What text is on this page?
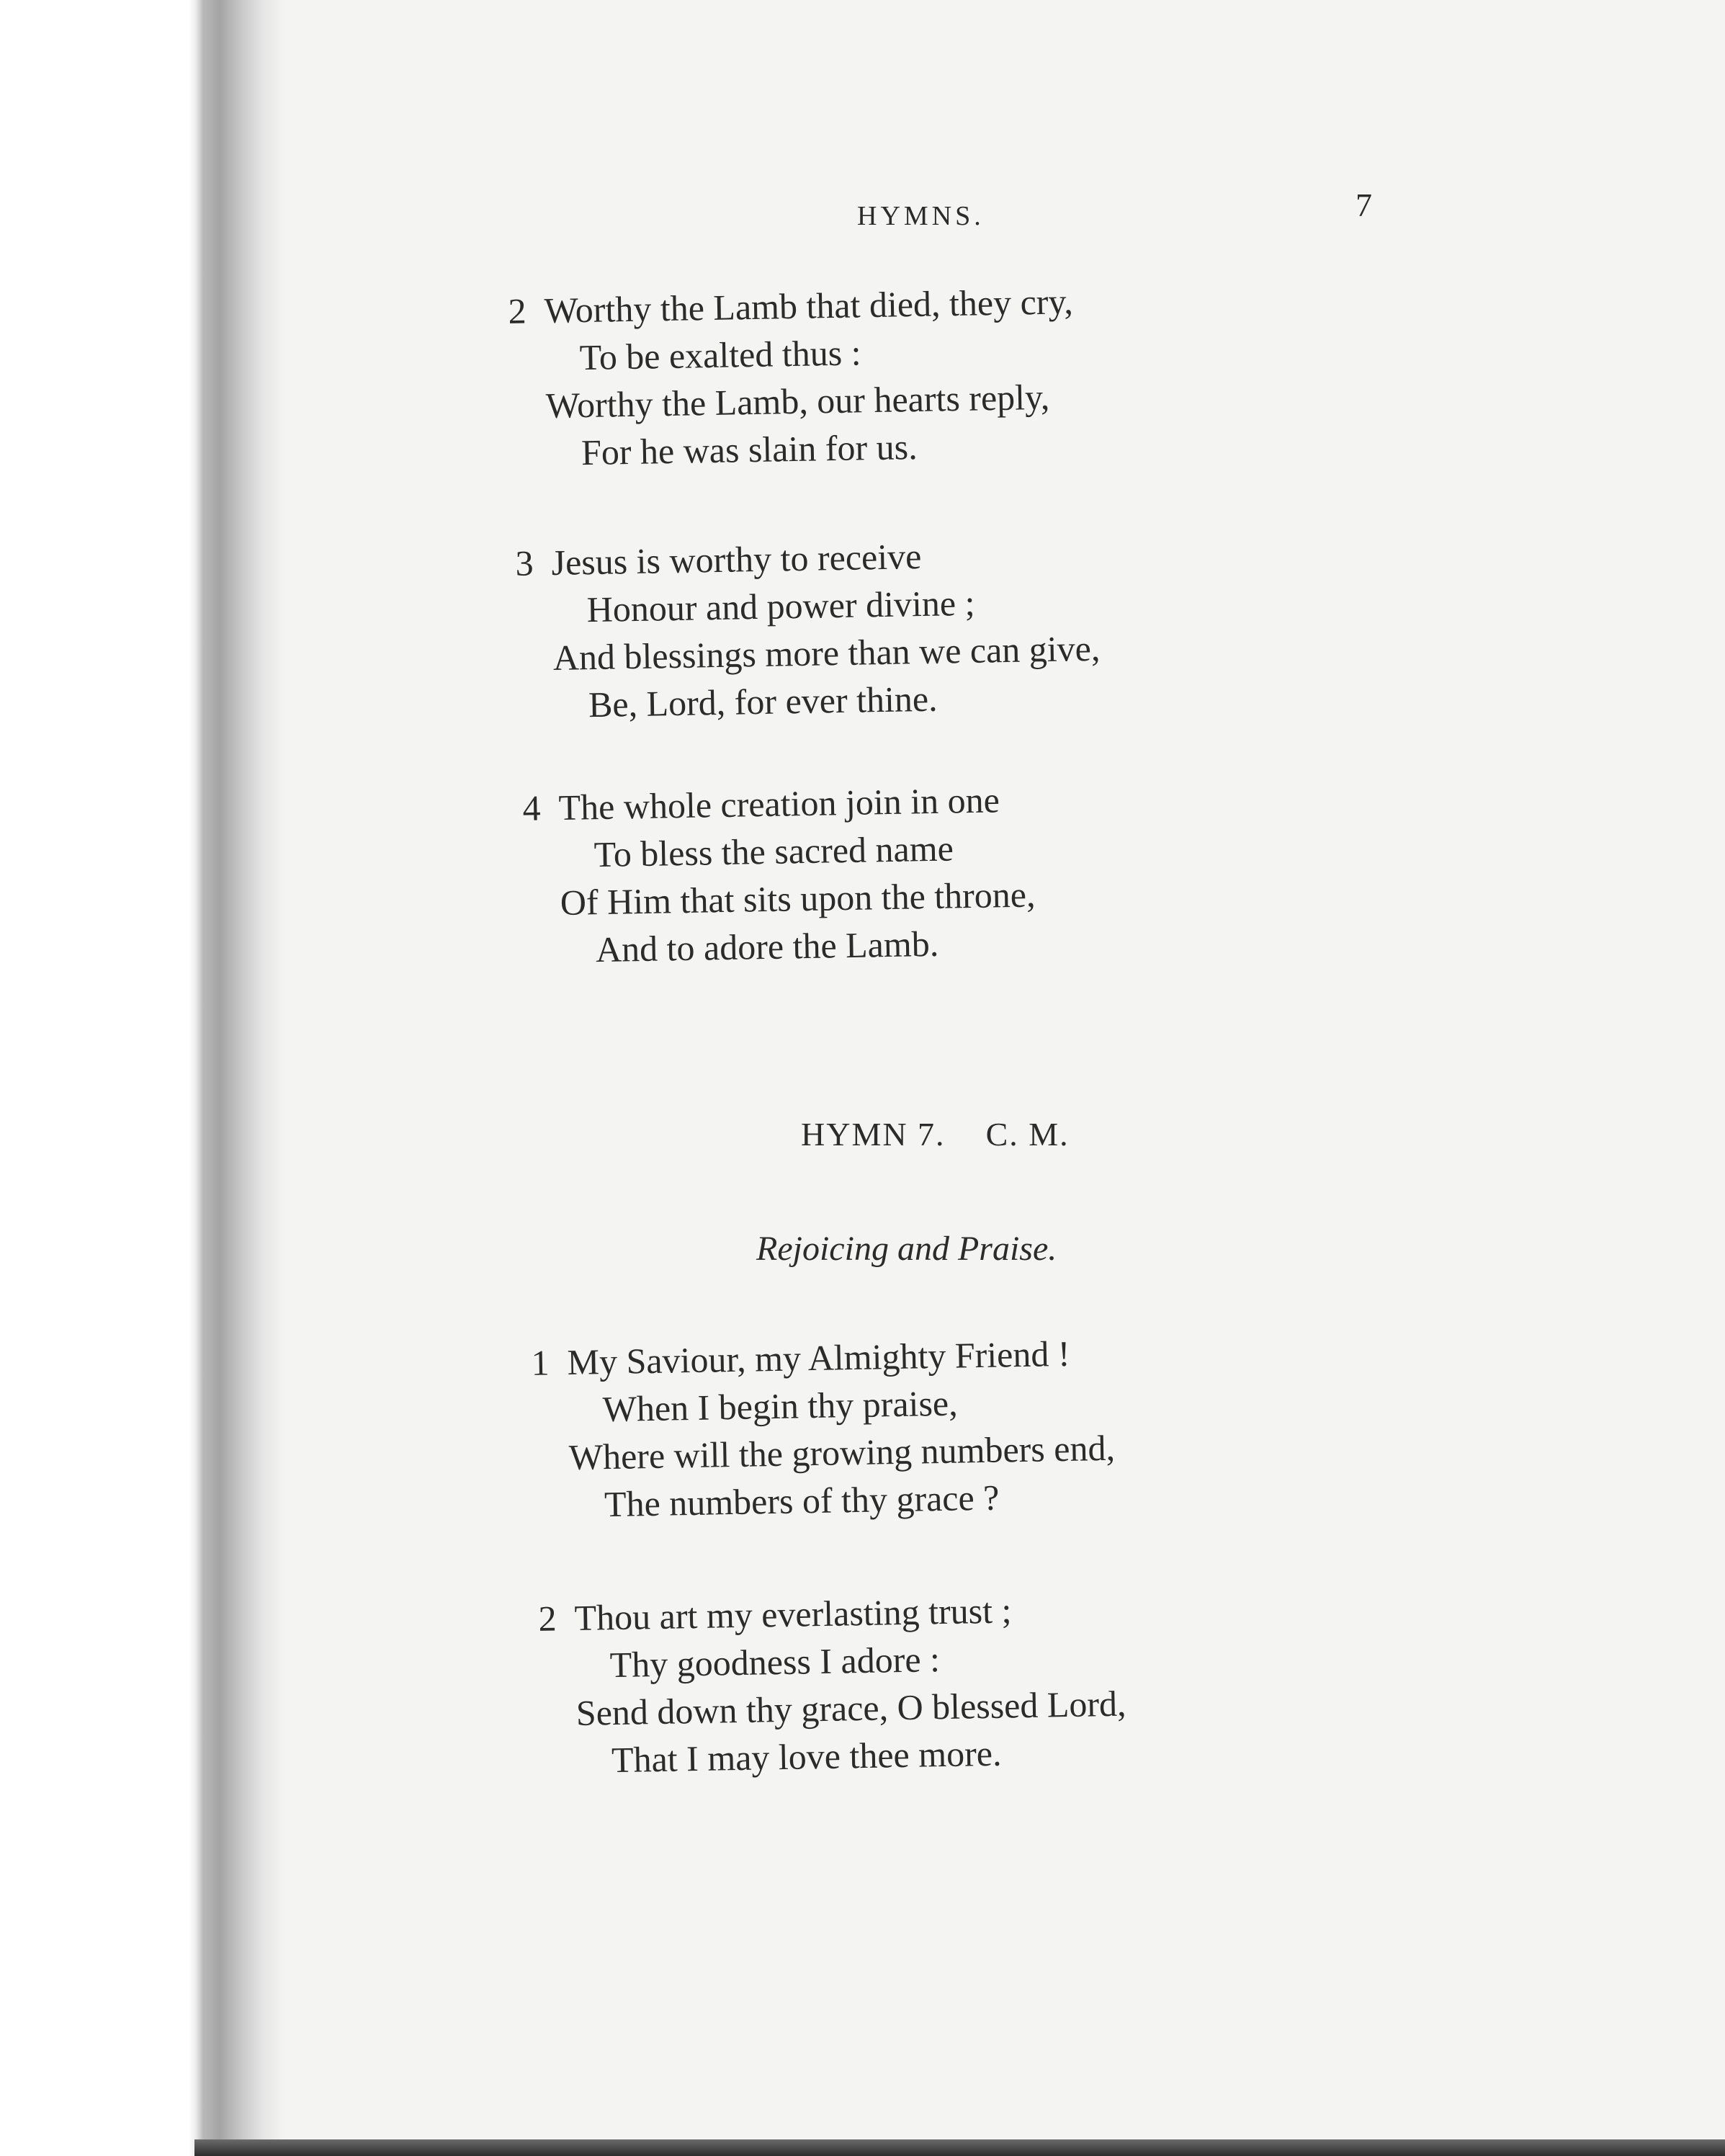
HYMNS.	7
2 Worthy the Lamb that died, they cry,
To be exalted thus :
Worthy the Lamb, our hearts reply,
For he was slain for us.
3 Jesus is worthy to receive
Honour and power divine ;
And blessings more than we can give,
Be, Lord, for ever thine.
4 The whole creation join in one
To bless the sacred name
Of Him that sits upon the throne,
And to adore the Lamb.
HYMN 7. C. M.
Rejoicing and Praise.
1 My Saviour, my Almighty Friend !
When I begin thy praise,
Where will the growing numbers end,
The numbers of thy grace ?
2 Thou art my everlasting trust ;
Thy goodness I adore :
Send down thy grace, O blessed Lord,
That I may love thee more.
